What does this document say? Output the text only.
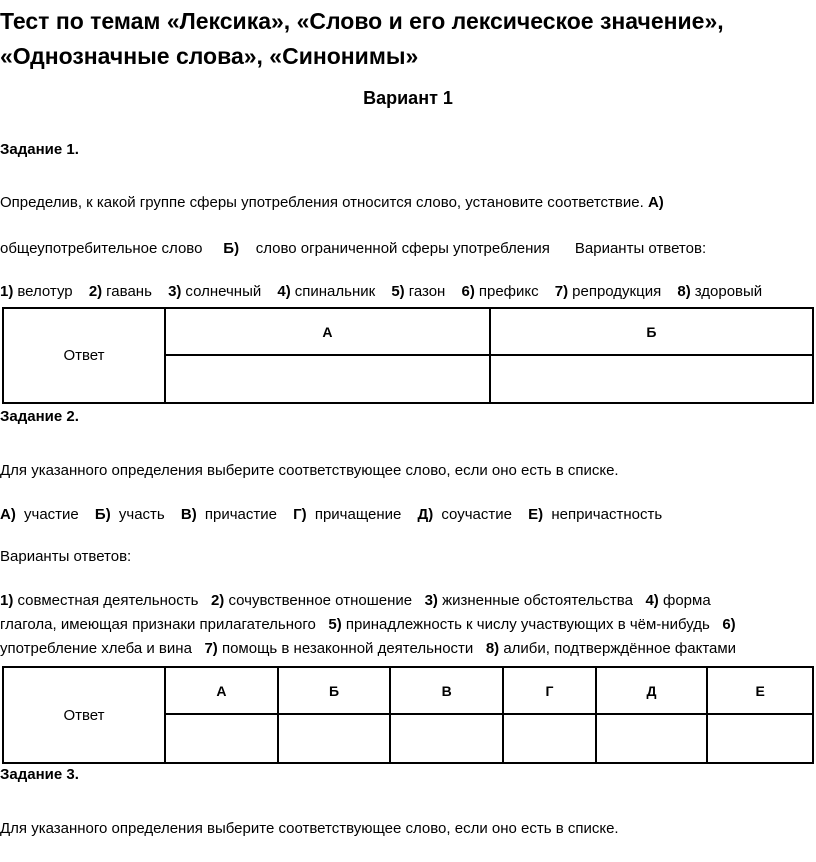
Тест по темам «Лексика», «Слово и его лексическое значение»,
«Однозначные слова», «Синонимы»
Вариант 1
Задание 1.
Определив, к какой группе сферы употребления относится слово, установите соответствие. А)
общеупотребительное слово Б) слово ограниченной сферы употребления Варианты ответов:
1) велотур 2) гавань 3) солнечный 4) спинальник 5) газон 6) префикс 7) репродукция 8) здоровый
Ответ	А	Б

Задание 2.
Для указанного определения выберите соответствующее слово, если оно есть в списке.
А) участие Б) участь В) причастие Г) причащение Д) соучастие Е) непричастность
Варианты ответов:
1) совместная деятельность 2) сочувственное отношение 3) жизненные обстоятельства 4) форма
глагола, имеющая признаки прилагательного 5) принадлежность к числу участвующих в чём-нибудь 6)
употребление хлеба и вина 7) помощь в незаконной деятельности 8) алиби, подтверждённое фактами
Ответ	А	Б	В	Г	Д	Е

Задание 3.
Для указанного определения выберите соответствующее слово, если оно есть в списке.
